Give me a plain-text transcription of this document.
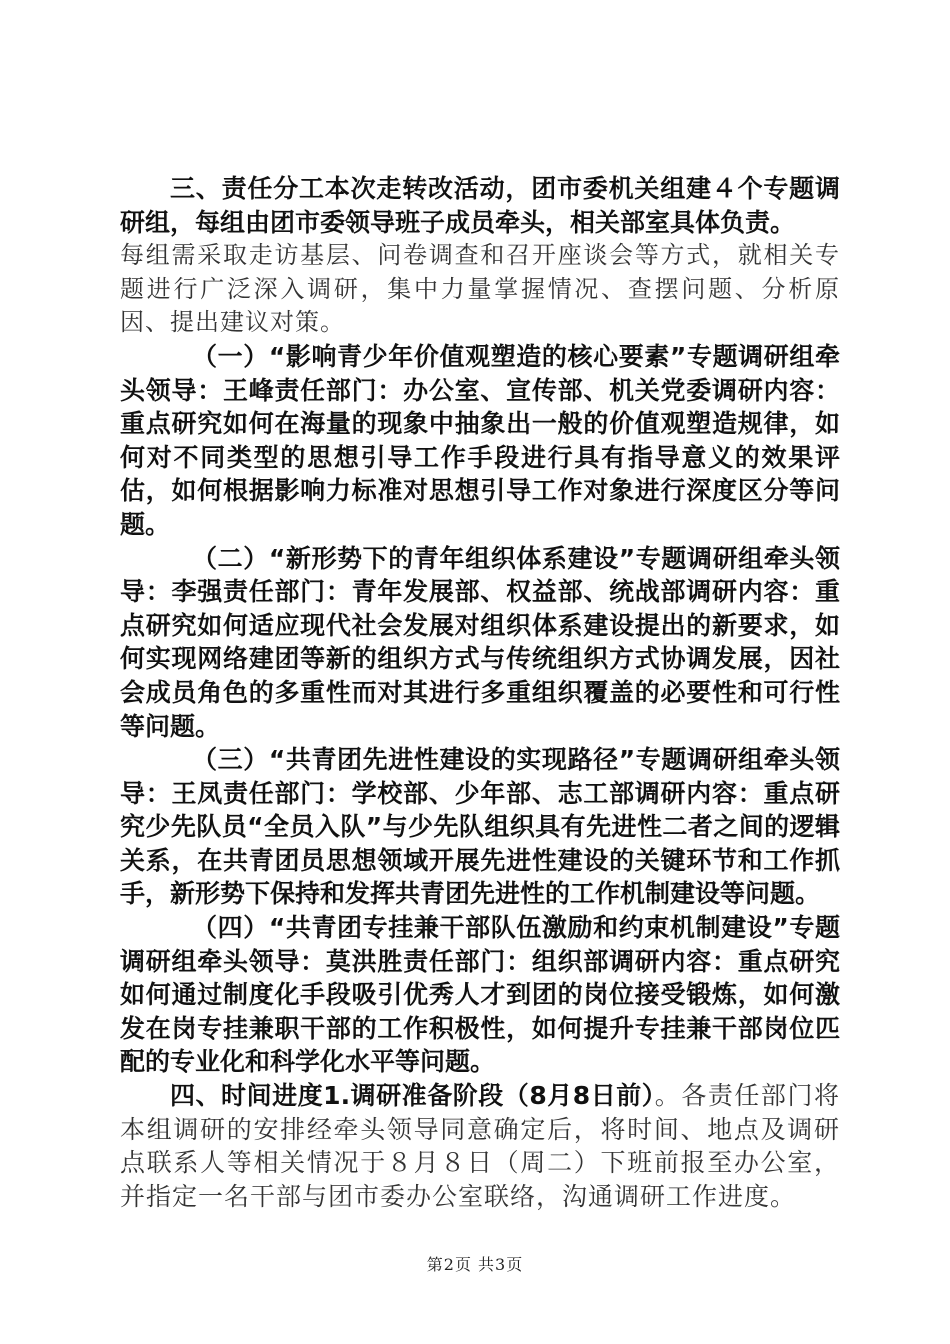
三、责任分工本次走转改活动，团市委机关组建４个专题调研组，每组由团市委领导班子成员牵头，相关部室具体负责。

每组需采取走访基层、问卷调查和召开座谈会等方式，就相关专题进行广泛深入调研，集中力量掌握情况、查摆问题、分析原因、提出建议对策。

（一）“影响青少年价值观塑造的核心要素”专题调研组牵头领导：王峰责任部门：办公室、宣传部、机关党委调研内容：重点研究如何在海量的现象中抽象出一般的价值观塑造规律，如何对不同类型的思想引导工作手段进行具有指导意义的效果评估，如何根据影响力标准对思想引导工作对象进行深度区分等问题。

（二）“新形势下的青年组织体系建设”专题调研组牵头领导：李强责任部门：青年发展部、权益部、统战部调研内容：重点研究如何适应现代社会发展对组织体系建设提出的新要求，如何实现网络建团等新的组织方式与传统组织方式协调发展，因社会成员角色的多重性而对其进行多重组织覆盖的必要性和可行性等问题。

（三）“共青团先进性建设的实现路径”专题调研组牵头领导：王凤责任部门：学校部、少年部、志工部调研内容：重点研究少先队员“全员入队”与少先队组织具有先进性二者之间的逻辑关系，在共青团员思想领域开展先进性建设的关键环节和工作抓手，新形势下保持和发挥共青团先进性的工作机制建设等问题。

（四）“共青团专挂兼干部队伍激励和约束机制建设”专题调研组牵头领导：莫洪胜责任部门：组织部调研内容：重点研究如何通过制度化手段吸引优秀人才到团的岗位接受锻炼，如何激发在岗专挂兼职干部的工作积极性，如何提升专挂兼干部岗位匹配的专业化和科学化水平等问题。

四、时间进度1.调研准备阶段（8月8日前）。各责任部门将本组调研的安排经牵头领导同意确定后，将时间、地点及调研点联系人等相关情况于８月８日（周二）下班前报至办公室，并指定一名干部与团市委办公室联络，沟通调研工作进度。

第2页 共3页
